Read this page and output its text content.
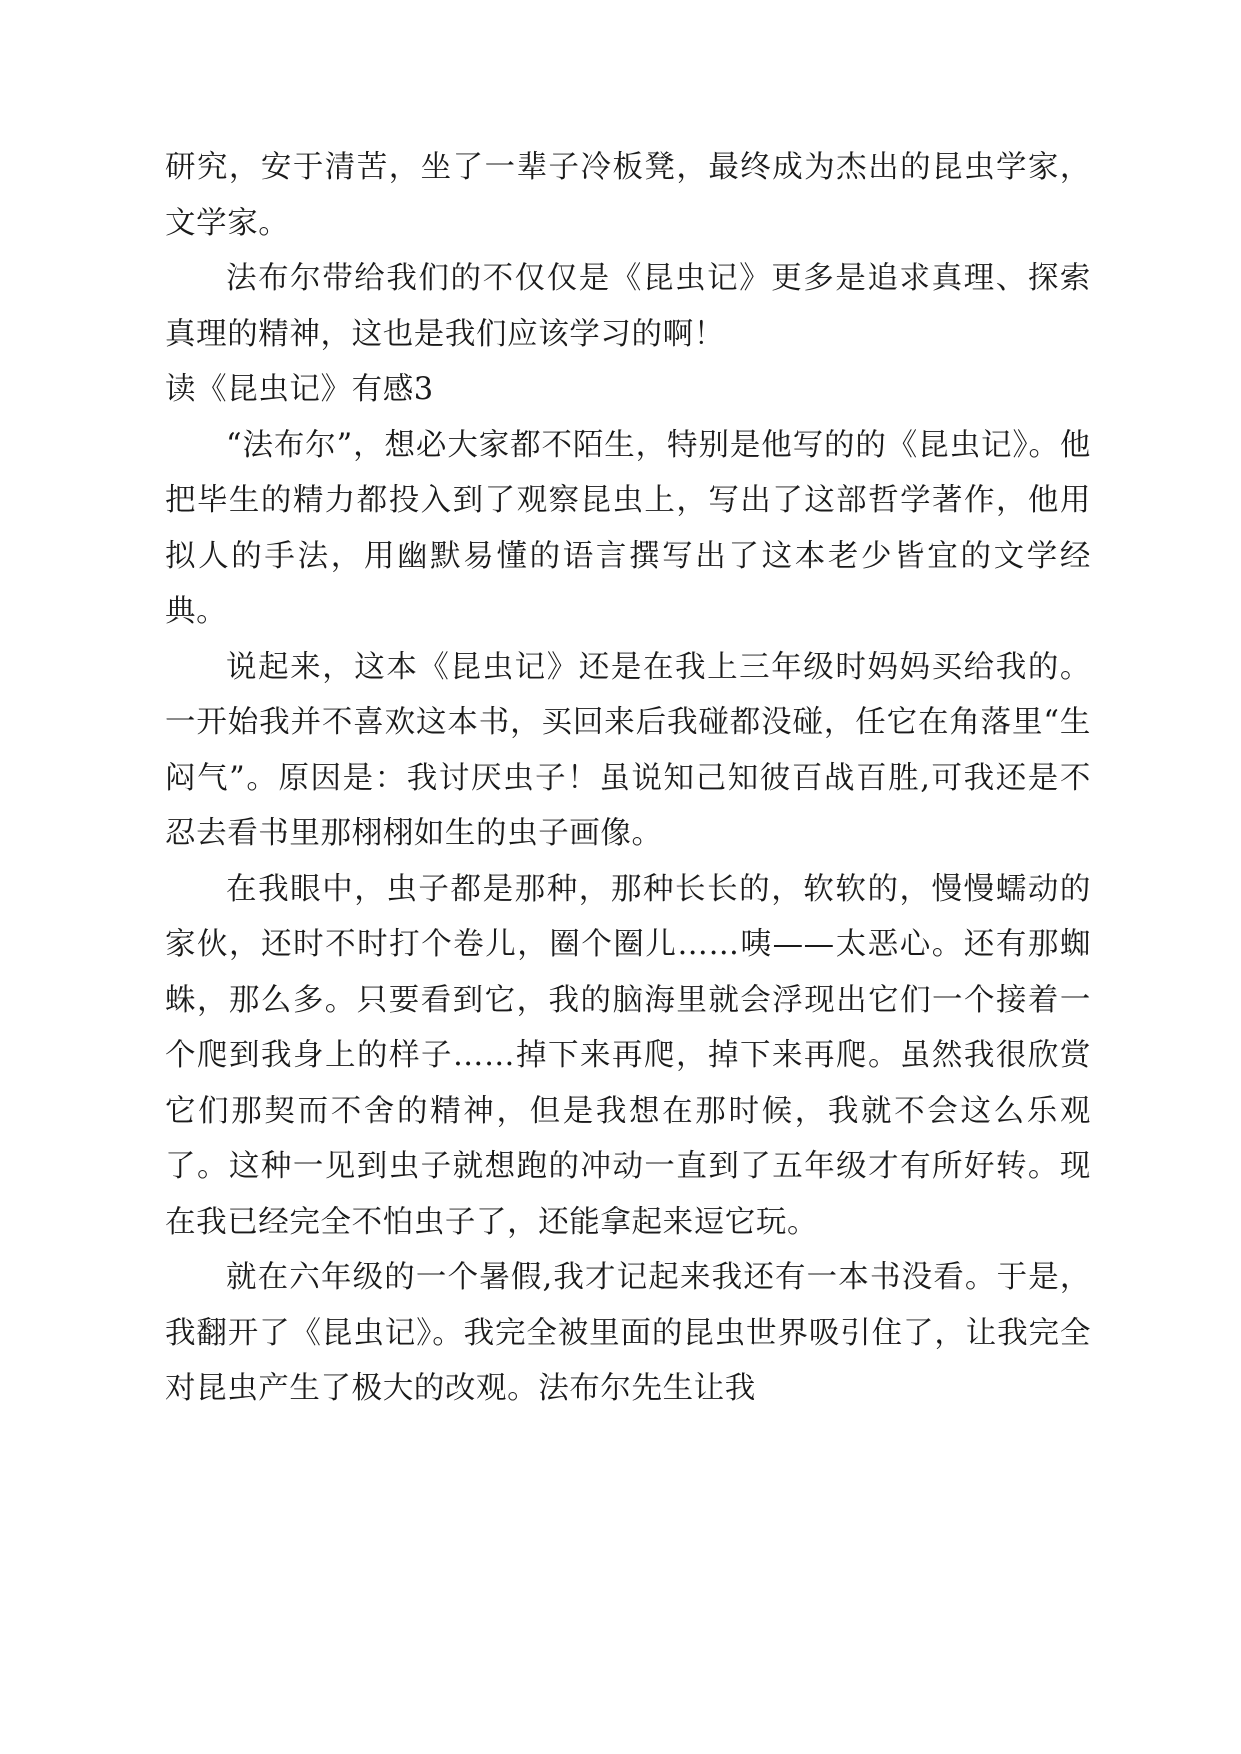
研究，安于清苦，坐了一辈子冷板凳，最终成为杰出的昆虫学家，文学家。

法布尔带给我们的不仅仅是《昆虫记》更多是追求真理、探索真理的精神，这也是我们应该学习的啊！

读《昆虫记》有感3

“法布尔”，想必大家都不陌生，特别是他写的的《昆虫记》。他把毕生的精力都投入到了观察昆虫上，写出了这部哲学著作，他用拟人的手法，用幽默易懂的语言撰写出了这本老少皆宜的文学经典。

说起来，这本《昆虫记》还是在我上三年级时妈妈买给我的。一开始我并不喜欢这本书，买回来后我碰都没碰，任它在角落里“生闷气”。原因是：我讨厌虫子！虽说知己知彼百战百胜,可我还是不忍去看书里那栩栩如生的虫子画像。

在我眼中，虫子都是那种，那种长长的，软软的，慢慢蠕动的家伙，还时不时打个卷儿，圈个圈儿……咦——太恶心。还有那蜘蛛，那么多。只要看到它，我的脑海里就会浮现出它们一个接着一个爬到我身上的样子……掉下来再爬，掉下来再爬。虽然我很欣赏它们那契而不舍的精神，但是我想在那时候，我就不会这么乐观了。这种一见到虫子就想跑的冲动一直到了五年级才有所好转。现在我已经完全不怕虫子了，还能拿起来逗它玩。

就在六年级的一个暑假,我才记起来我还有一本书没看。于是，我翻开了《昆虫记》。我完全被里面的昆虫世界吸引住了，让我完全对昆虫产生了极大的改观。法布尔先生让我
